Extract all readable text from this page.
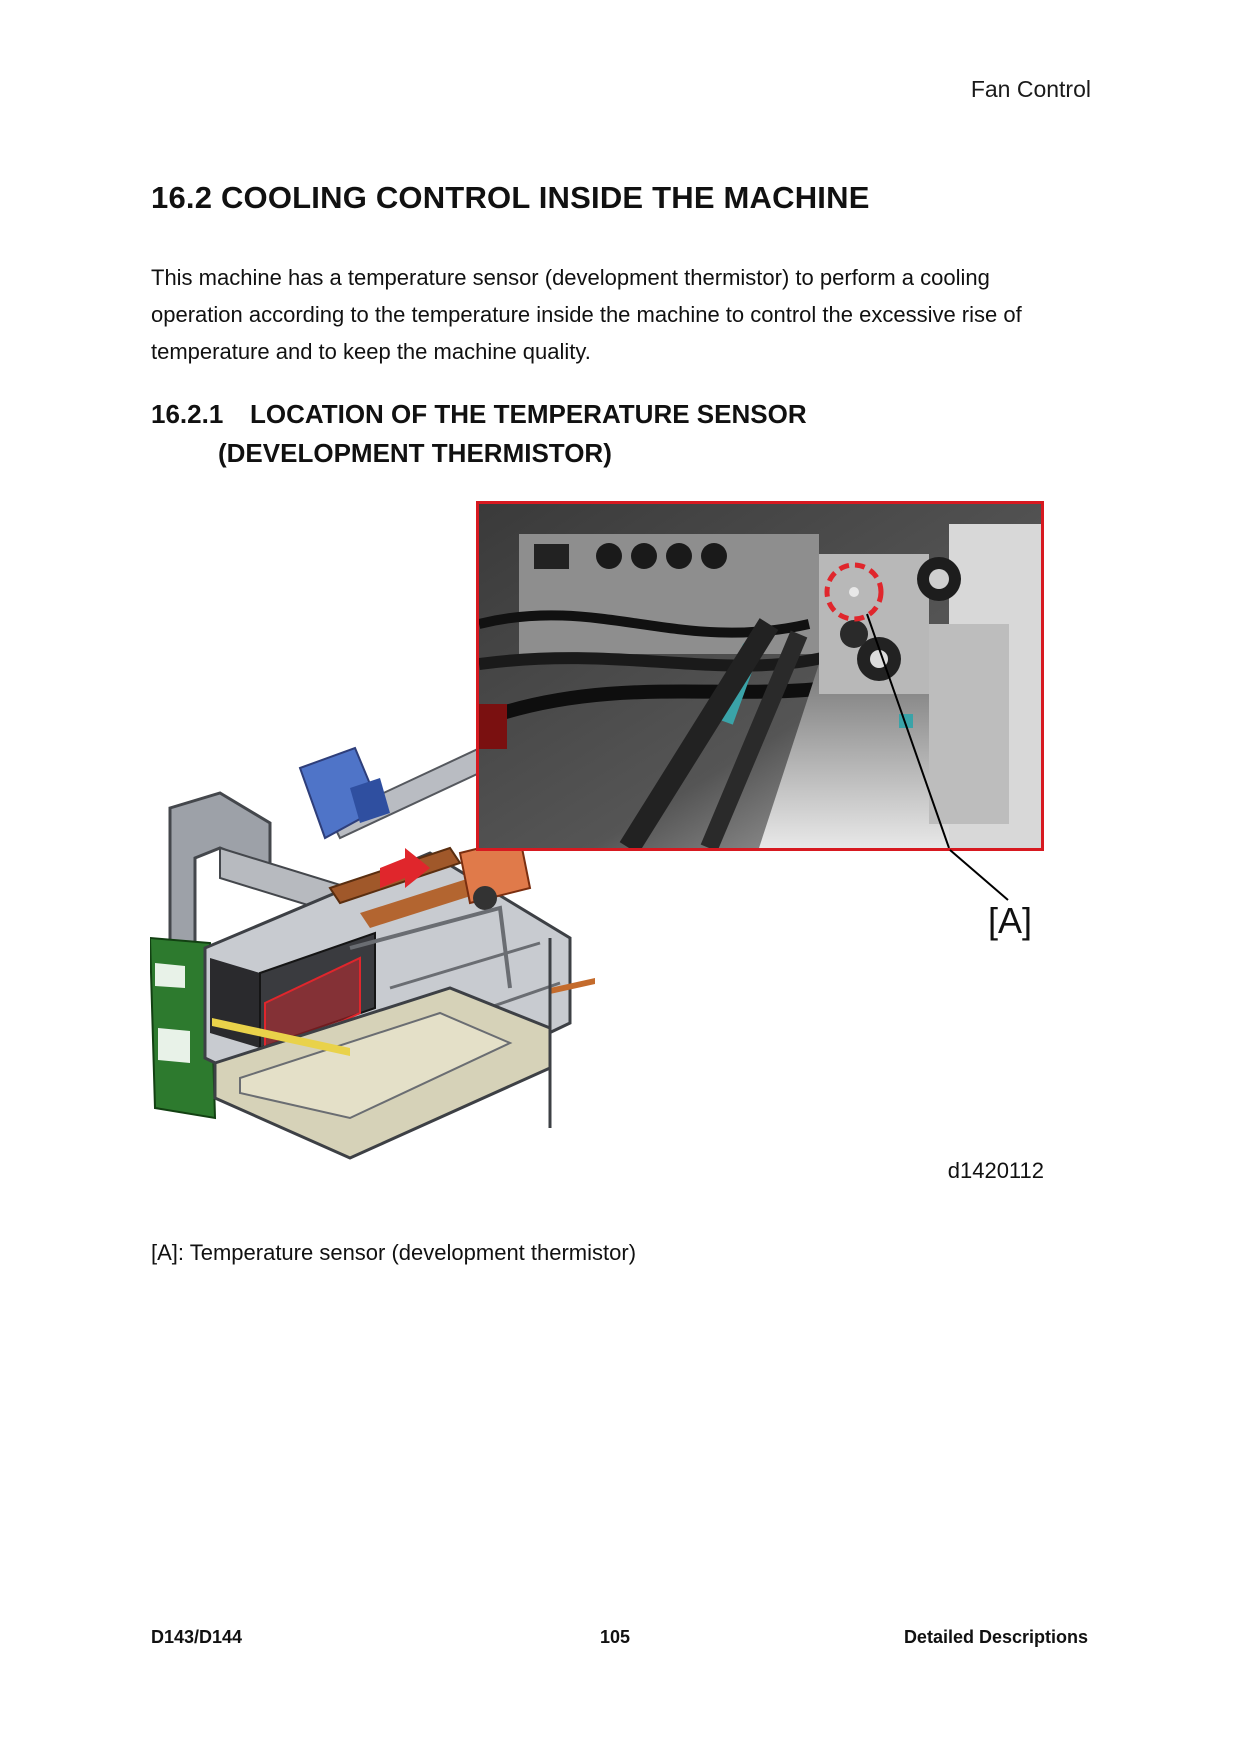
Fan Control
16.2 COOLING CONTROL INSIDE THE MACHINE

This machine has a temperature sensor (development thermistor) to perform a cooling operation according to the temperature inside the machine to control the excessive rise of temperature and to keep the machine quality.

16.2.1 LOCATION OF THE TEMPERATURE SENSOR
(DEVELOPMENT THERMISTOR)
[A]
d1420112

[A]: Temperature sensor (development thermistor)

D143/D144	105	Detailed Descriptions
